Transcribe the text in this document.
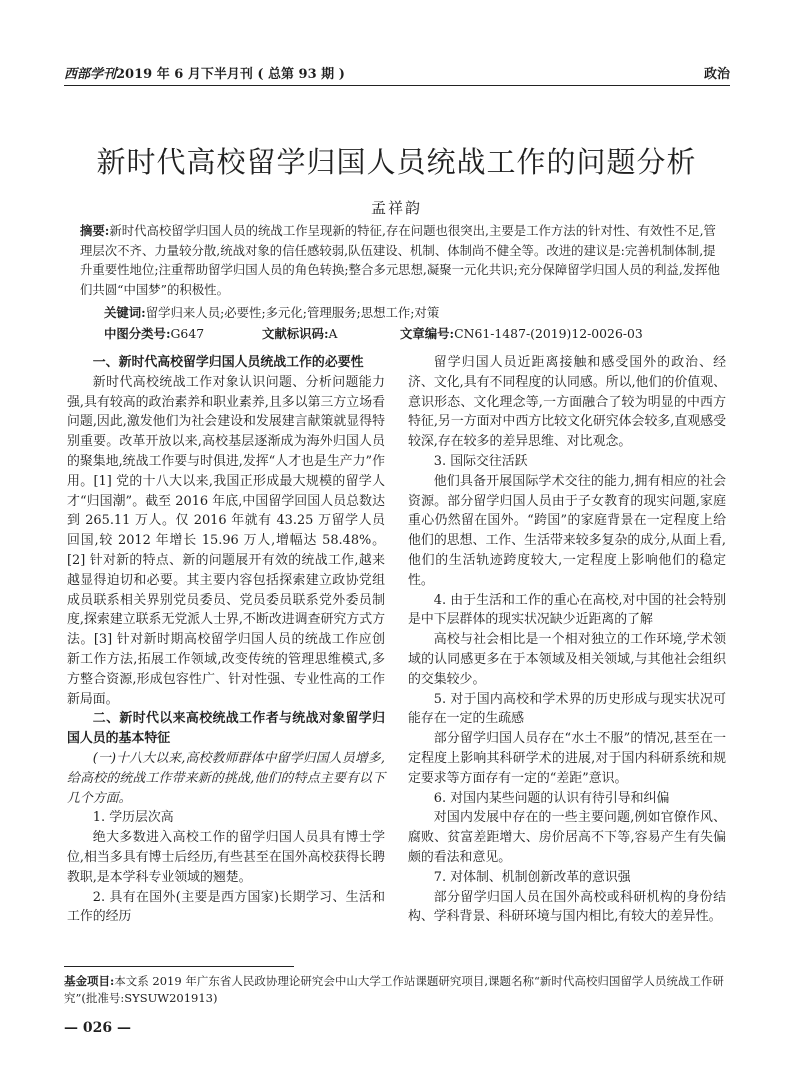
西部学刊2019 年 6 月下半月刊 ( 总第 93 期 )	政治
新时代高校留学归国人员统战工作的问题分析
孟祥韵
摘要:新时代高校留学归国人员的统战工作呈现新的特征,存在问题也很突出,主要是工作方法的针对性、有效性不足,管理层次不齐、力量较分散,统战对象的信任感较弱,队伍建设、机制、体制尚不健全等。改进的建议是:完善机制体制,提升重要性地位;注重帮助留学归国人员的角色转换;整合多元思想,凝聚一元化共识;充分保障留学归国人员的利益,发挥他们共圆“中国梦”的积极性。
关键词:留学归来人员;必要性;多元化;管理服务;思想工作;对策
中图分类号:G647	文献标识码:A	文章编号:CN61-1487-(2019)12-0026-03
一、新时代高校留学归国人员统战工作的必要性

新时代高校统战工作对象认识问题、分析问题能力强,具有较高的政治素养和职业素养,且多以第三方立场看问题,因此,激发他们为社会建设和发展建言献策就显得特别重要。改革开放以来,高校基层逐渐成为海外归国人员的聚集地,统战工作要与时俱进,发挥“人才也是生产力”作用。[1] 党的十八大以来,我国正形成最大规模的留学人才“归国潮”。截至 2016 年底,中国留学回国人员总数达到 265.11 万人。仅 2016 年就有 43.25 万留学人员回国,较 2012 年增长 15.96 万人,增幅达 58.48%。[2] 针对新的特点、新的问题展开有效的统战工作,越来越显得迫切和必要。其主要内容包括探索建立政协党组成员联系相关界别党员委员、党员委员联系党外委员制度,探索建立联系无党派人士界,不断改进调查研究方式方法。[3] 针对新时期高校留学归国人员的统战工作应创新工作方法,拓展工作领域,改变传统的管理思维模式,多方整合资源,形成包容性广、针对性强、专业性高的工作新局面。

二、新时代以来高校统战工作者与统战对象留学归国人员的基本特征

(一)十八大以来,高校教师群体中留学归国人员增多,给高校的统战工作带来新的挑战,他们的特点主要有以下几个方面。

1. 学历层次高

绝大多数进入高校工作的留学归国人员具有博士学位,相当多具有博士后经历,有些甚至在国外高校获得长聘教职,是本学科专业领域的翘楚。

2. 具有在国外(主要是西方国家)长期学习、生活和工作的经历

留学归国人员近距离接触和感受国外的政治、经济、文化,具有不同程度的认同感。所以,他们的价值观、意识形态、文化理念等,一方面融合了较为明显的中西方特征,另一方面对中西方比较文化研究体会较多,直观感受较深,存在较多的差异思维、对比观念。

3. 国际交往活跃

他们具备开展国际学术交往的能力,拥有相应的社会资源。部分留学归国人员由于子女教育的现实问题,家庭重心仍然留在国外。“跨国”的家庭背景在一定程度上给他们的思想、工作、生活带来较多复杂的成分,从面上看,他们的生活轨迹跨度较大,一定程度上影响他们的稳定性。

4. 由于生活和工作的重心在高校,对中国的社会特别是中下层群体的现实状况缺少近距离的了解

高校与社会相比是一个相对独立的工作环境,学术领域的认同感更多在于本领域及相关领域,与其他社会组织的交集较少。

5. 对于国内高校和学术界的历史形成与现实状况可能存在一定的生疏感

部分留学归国人员存在“水土不服”的情况,甚至在一定程度上影响其科研学术的进展,对于国内科研系统和规定要求等方面存有一定的“差距”意识。

6. 对国内某些问题的认识有待引导和纠偏

对国内发展中存在的一些主要问题,例如官僚作风、腐败、贫富差距增大、房价居高不下等,容易产生有失偏颇的看法和意见。

7. 对体制、机制创新改革的意识强

部分留学归国人员在国外高校或科研机构的身份结构、学科背景、科研环境与国内相比,有较大的差异性。

基金项目:本文系 2019 年广东省人民政协理论研究会中山大学工作站课题研究项目,课题名称“新时代高校归国留学人员统战工作研究”(批准号:SYSUW201913)
— 026 —
